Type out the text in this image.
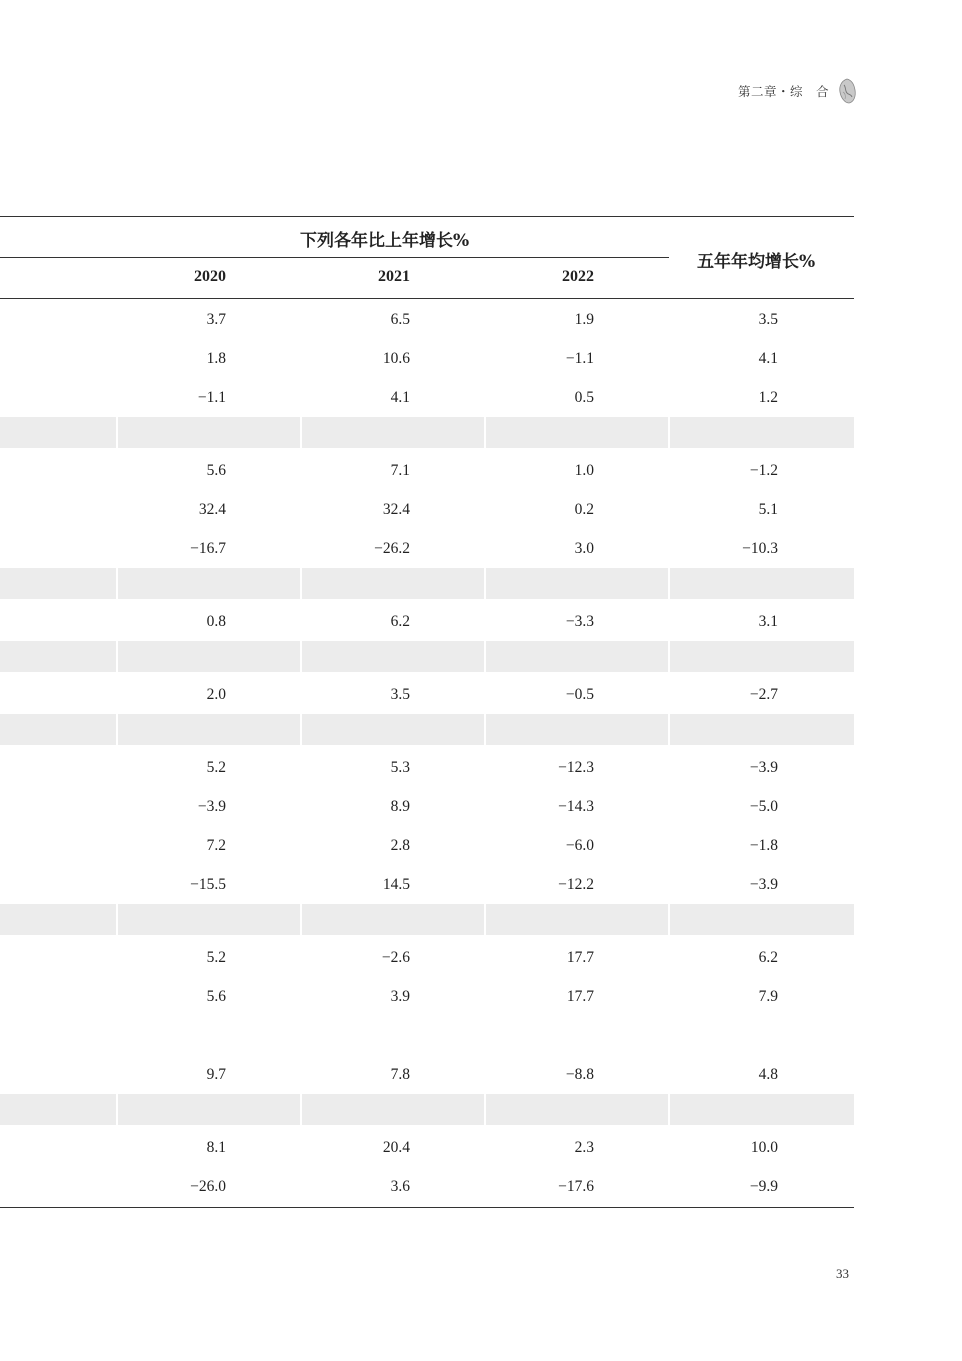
第二章・综　合
下列各年比上年增长%
五年年均增长%
2020	2021	2022
3.7	6.5	1.9	3.5
1.8	10.6	−1.1	4.1
−1.1	4.1	0.5	1.2
5.6	7.1	1.0	−1.2
32.4	32.4	0.2	5.1
−16.7	−26.2	3.0	−10.3
0.8	6.2	−3.3	3.1
2.0	3.5	−0.5	−2.7
5.2	5.3	−12.3	−3.9
−3.9	8.9	−14.3	−5.0
7.2	2.8	−6.0	−1.8
−15.5	14.5	−12.2	−3.9
5.2	−2.6	17.7	6.2
5.6	3.9	17.7	7.9
9.7	7.8	−8.8	4.8
8.1	20.4	2.3	10.0
−26.0	3.6	−17.6	−9.9
33
